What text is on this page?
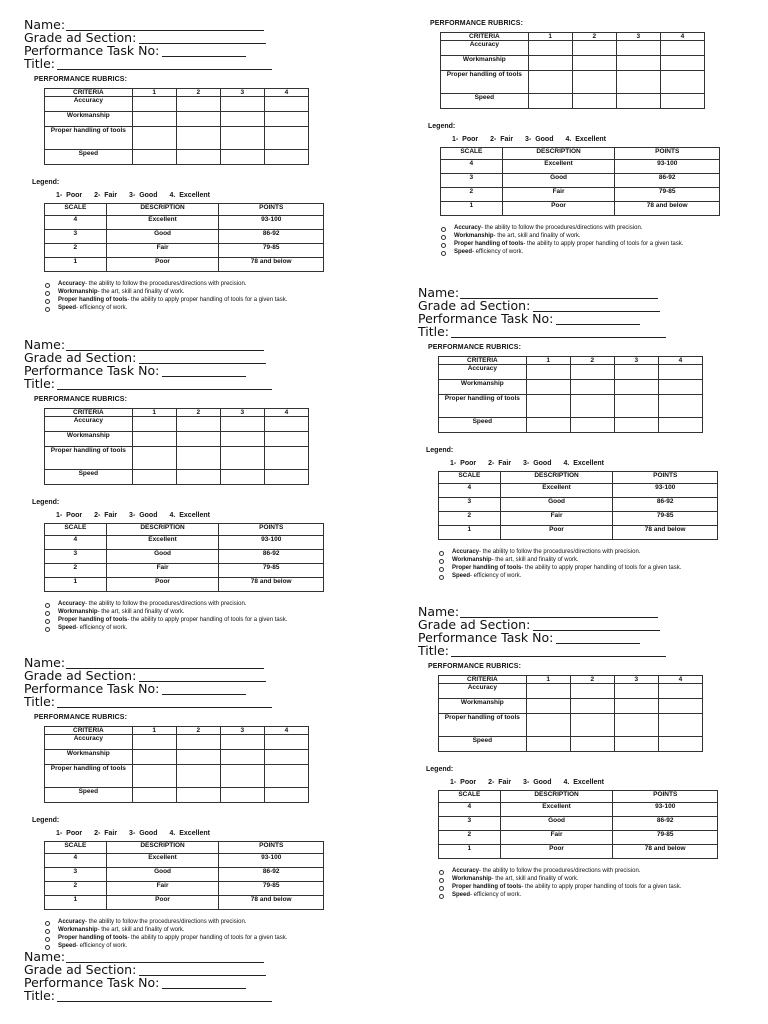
Name:
Grade ad Section:
Performance Task No:
Title:
PERFORMANCE RUBRICS:
CRITERIA	1	2	3	4
Accuracy				
Workmanship				
Proper handling of tools				
Speed				
Legend:
1- Poor 2- Fair 3- Good 4. Excellent
SCALE	DESCRIPTION	POINTS
4	Excellent	93-100
3	Good	86-92
2	Fair	79-85
1	Poor	78 and below
Accuracy- the ability to follow the procedures/directions with precision.
Workmanship- the art, skill and finality of work.
Proper handling of tools- the ability to apply proper handling of tools for a given task.
Speed- efficiency of work.
Name:
Grade ad Section:
Performance Task No:
Title:
PERFORMANCE RUBRICS:
CRITERIA	1	2	3	4
Accuracy				
Workmanship				
Proper handling of tools				
Speed				
Legend:
1- Poor 2- Fair 3- Good 4. Excellent
SCALE	DESCRIPTION	POINTS
4	Excellent	93-100
3	Good	86-92
2	Fair	79-85
1	Poor	78 and below
Accuracy- the ability to follow the procedures/directions with precision.
Workmanship- the art, skill and finality of work.
Proper handling of tools- the ability to apply proper handling of tools for a given task.
Speed- efficiency of work.
Name:
Grade ad Section:
Performance Task No:
Title:
PERFORMANCE RUBRICS:
CRITERIA	1	2	3	4
Accuracy				
Workmanship				
Proper handling of tools				
Speed				
Legend:
1- Poor 2- Fair 3- Good 4. Excellent
SCALE	DESCRIPTION	POINTS
4	Excellent	93-100
3	Good	86-92
2	Fair	79-85
1	Poor	78 and below
Accuracy- the ability to follow the procedures/directions with precision.
Workmanship- the art, skill and finality of work.
Proper handling of tools- the ability to apply proper handling of tools for a given task.
Speed- efficiency of work.
Name:
Grade ad Section:
Performance Task No:
Title:
PERFORMANCE RUBRICS:
CRITERIA	1	2	3	4
Accuracy				
Workmanship				
Proper handling of tools				
Speed				
Legend:
1- Poor 2- Fair 3- Good 4. Excellent
SCALE	DESCRIPTION	POINTS
4	Excellent	93-100
3	Good	86-92
2	Fair	79-85
1	Poor	78 and below
Accuracy- the ability to follow the procedures/directions with precision.
Workmanship- the art, skill and finality of work.
Proper handling of tools- the ability to apply proper handling of tools for a given task.
Speed- efficiency of work.
Name:
Grade ad Section:
Performance Task No:
Title:
PERFORMANCE RUBRICS:
CRITERIA	1	2	3	4
Accuracy				
Workmanship				
Proper handling of tools				
Speed				
Legend:
1- Poor 2- Fair 3- Good 4. Excellent
SCALE	DESCRIPTION	POINTS
4	Excellent	93-100
3	Good	86-92
2	Fair	79-85
1	Poor	78 and below
Accuracy- the ability to follow the procedures/directions with precision.
Workmanship- the art, skill and finality of work.
Proper handling of tools- the ability to apply proper handling of tools for a given task.
Speed- efficiency of work.
Name:
Grade ad Section:
Performance Task No:
Title:
PERFORMANCE RUBRICS:
CRITERIA	1	2	3	4
Accuracy				
Workmanship				
Proper handling of tools				
Speed				
Legend:
1- Poor 2- Fair 3- Good 4. Excellent
SCALE	DESCRIPTION	POINTS
4	Excellent	93-100
3	Good	86-92
2	Fair	79-85
1	Poor	78 and below
Accuracy- the ability to follow the procedures/directions with precision.
Workmanship- the art, skill and finality of work.
Proper handling of tools- the ability to apply proper handling of tools for a given task.
Speed- efficiency of work.
